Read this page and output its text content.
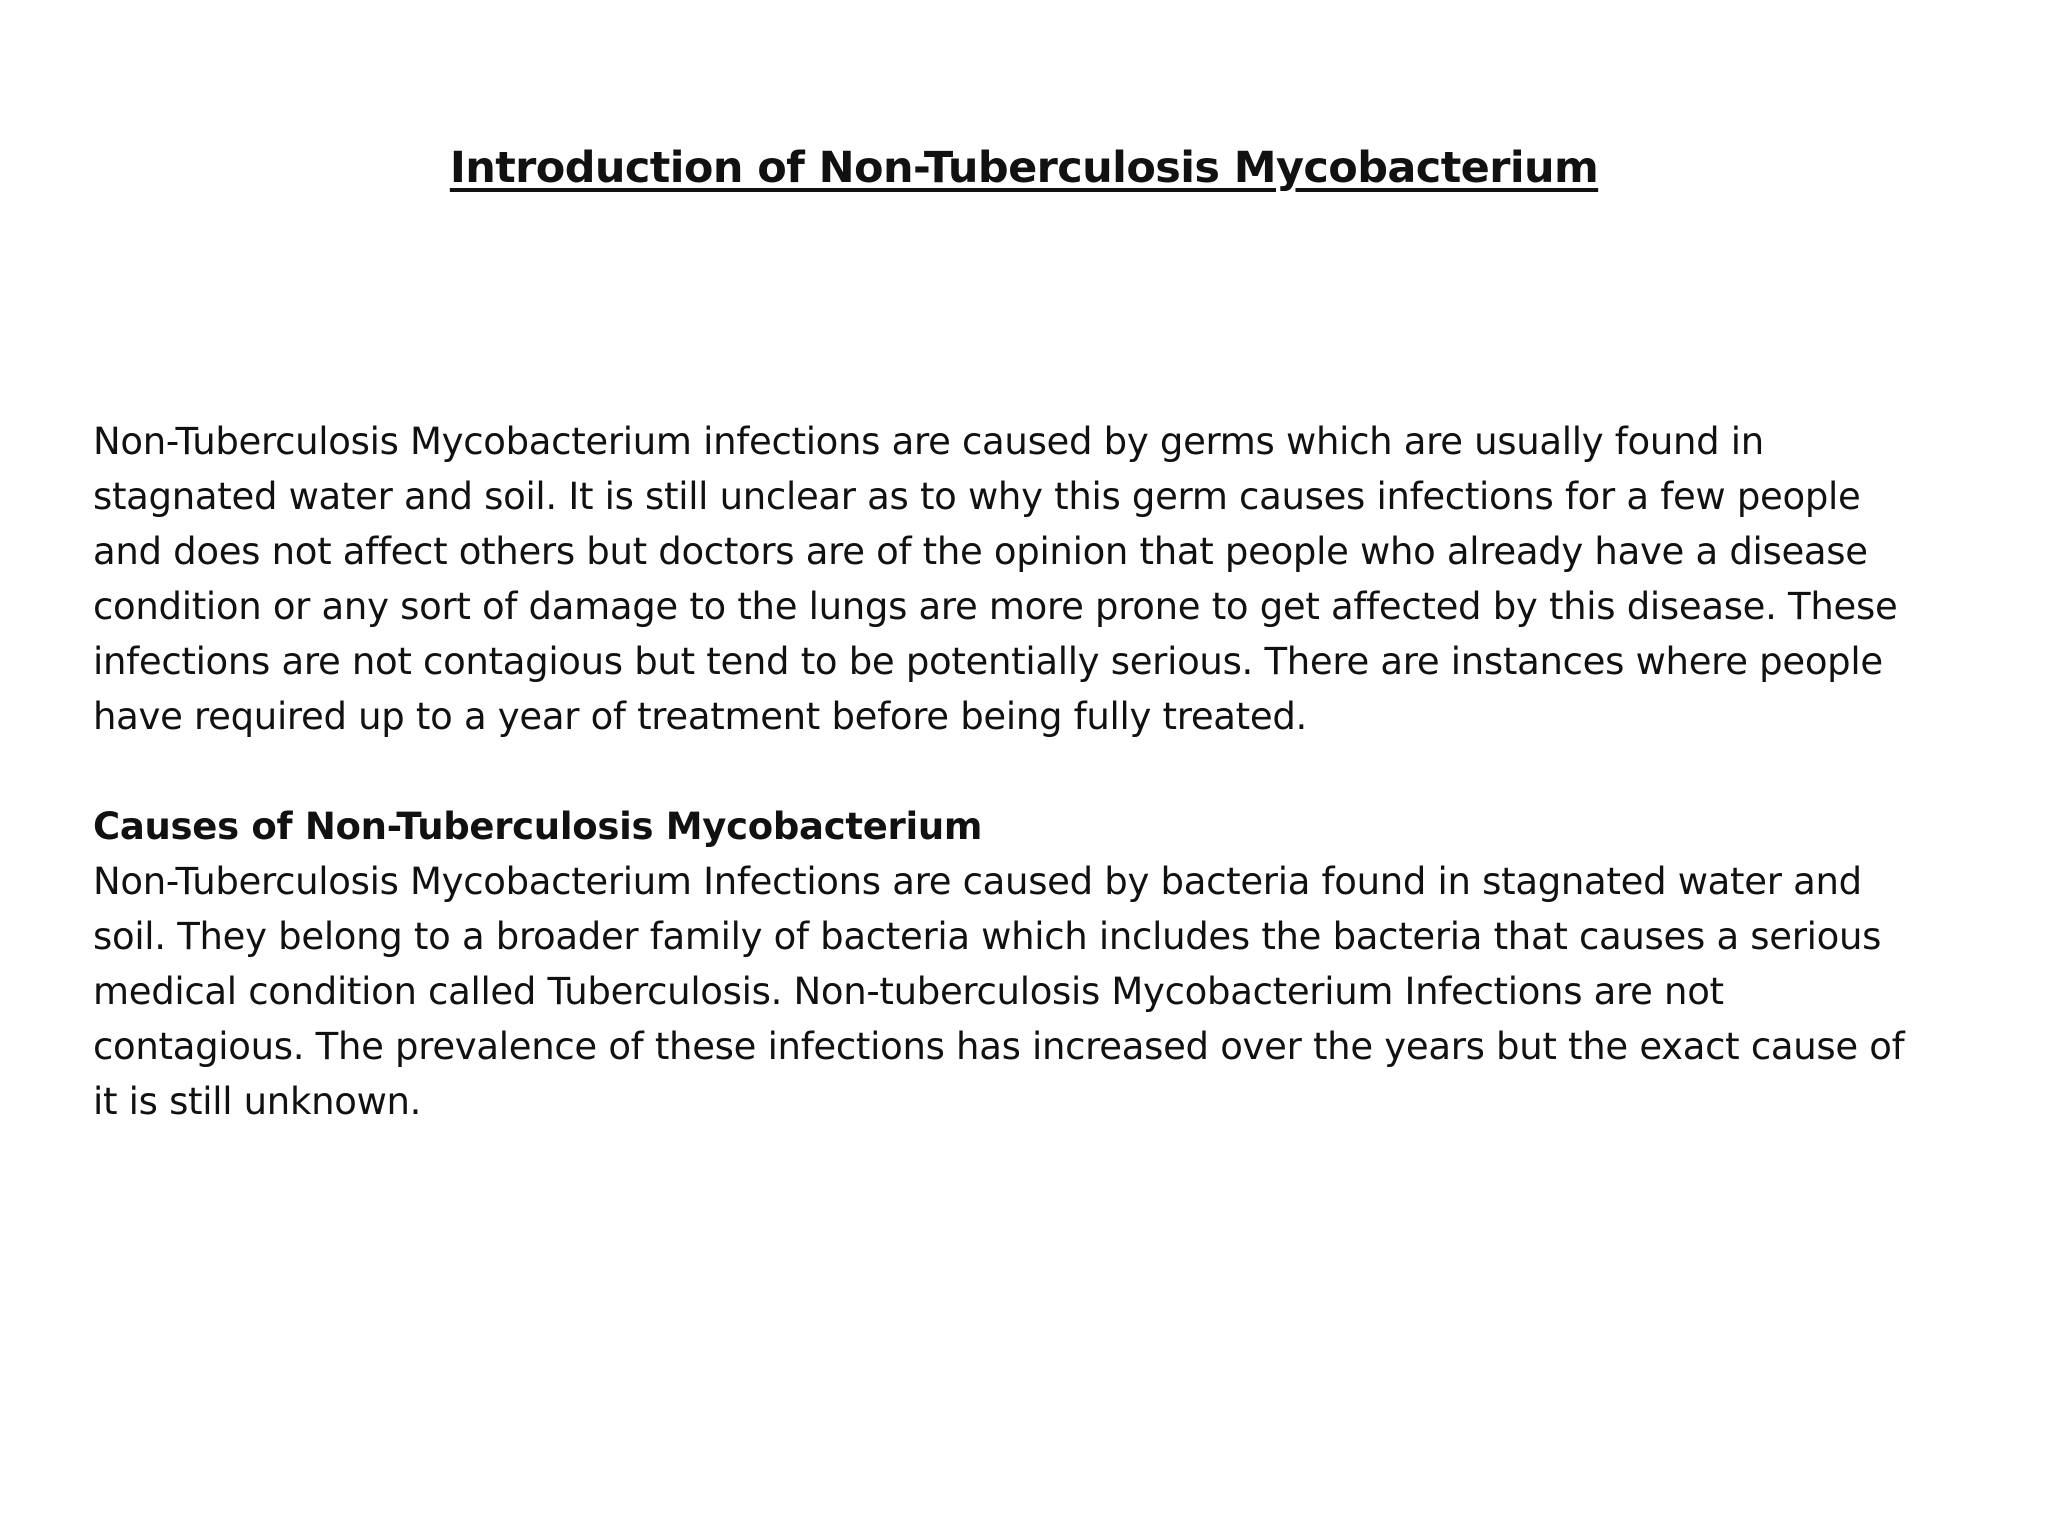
Introduction of Non-Tuberculosis Mycobacterium
Non-Tuberculosis Mycobacterium infections are caused by germs which are usually found in
stagnated water and soil. It is still unclear as to why this germ causes infections for a few people
and does not affect others but doctors are of the opinion that people who already have a disease
condition or any sort of damage to the lungs are more prone to get affected by this disease. These
infections are not contagious but tend to be potentially serious. There are instances where people
have required up to a year of treatment before being fully treated.
Causes of Non-Tuberculosis Mycobacterium
Non-Tuberculosis Mycobacterium Infections are caused by bacteria found in stagnated water and
soil. They belong to a broader family of bacteria which includes the bacteria that causes a serious
medical condition called Tuberculosis. Non-tuberculosis Mycobacterium Infections are not
contagious. The prevalence of these infections has increased over the years but the exact cause of
it is still unknown.
